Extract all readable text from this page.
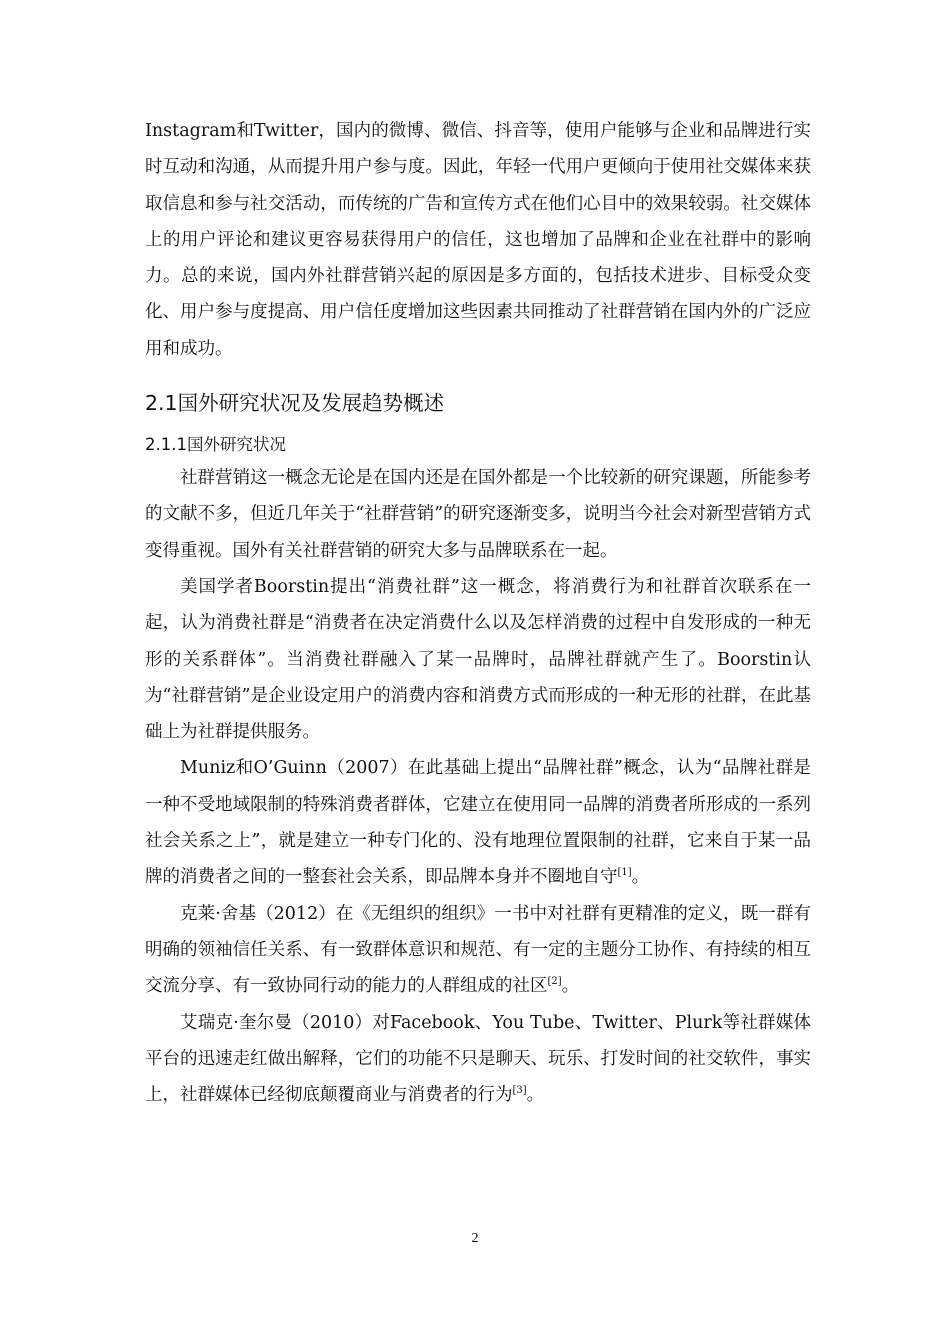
Instagram和Twitter，国内的微博、微信、抖音等，使用户能够与企业和品牌进行实时互动和沟通，从而提升用户参与度。因此，年轻一代用户更倾向于使用社交媒体来获取信息和参与社交活动，而传统的广告和宣传方式在他们心目中的效果较弱。社交媒体上的用户评论和建议更容易获得用户的信任，这也增加了品牌和企业在社群中的影响力。总的来说，国内外社群营销兴起的原因是多方面的，包括技术进步、目标受众变化、用户参与度提高、用户信任度增加这些因素共同推动了社群营销在国内外的广泛应用和成功。

2.1国外研究状况及发展趋势概述
2.1.1国外研究状况

社群营销这一概念无论是在国内还是在国外都是一个比较新的研究课题，所能参考的文献不多，但近几年关于“社群营销”的研究逐渐变多，说明当今社会对新型营销方式变得重视。国外有关社群营销的研究大多与品牌联系在一起。

美国学者Boorstin提出“消费社群”这一概念，将消费行为和社群首次联系在一起，认为消费社群是“消费者在决定消费什么以及怎样消费的过程中自发形成的一种无形的关系群体”。当消费社群融入了某一品牌时，品牌社群就产生了。Boorstin认为“社群营销”是企业设定用户的消费内容和消费方式而形成的一种无形的社群，在此基础上为社群提供服务。

Muniz和O’Guinn（2007）在此基础上提出“品牌社群”概念，认为“品牌社群是一种不受地域限制的特殊消费者群体，它建立在使用同一品牌的消费者所形成的一系列社会关系之上”，就是建立一种专门化的、没有地理位置限制的社群，它来自于某一品牌的消费者之间的一整套社会关系，即品牌本身并不圈地自守[1]。

克莱·舍基（2012）在《无组织的组织》一书中对社群有更精准的定义，既一群有明确的领袖信任关系、有一致群体意识和规范、有一定的主题分工协作、有持续的相互交流分享、有一致协同行动的能力的人群组成的社区[2]。

艾瑞克·奎尔曼（2010）对Facebook、You Tube、Twitter、Plurk等社群媒体平台的迅速走红做出解释，它们的功能不只是聊天、玩乐、打发时间的社交软件，事实上，社群媒体已经彻底颠覆商业与消费者的行为[3]。

2
